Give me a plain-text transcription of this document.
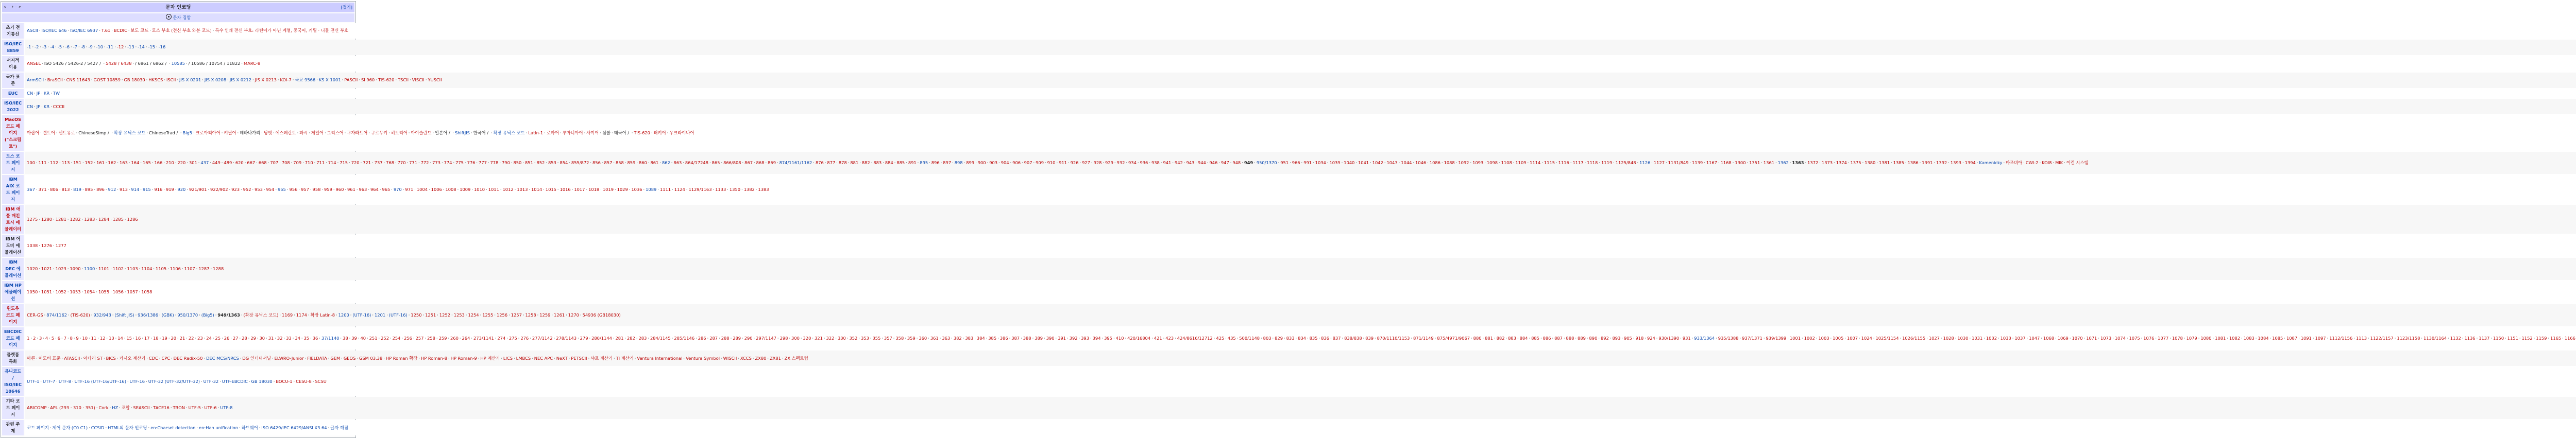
v · t · e	문자 인코딩	[접기]
문자 집합
초기 전기통신	ASCII · ISO/IEC 646 · ISO/IEC 6937 · T.61 · BCDIC · 보도 코드 · 모스 부호 (전신 부호 와분 코드) · 특수 인쇄 전신 부호: 라틴어가 아닌 계열, 중국어, 키릴 · 니들 전신 부호
ISO/IEC 8859	-1 · -2 · -3 · -4 · -5 · -6 · -7 · -8 · -9 · -10 · -11 · -12 · -13 · -14 · -15 · -16
서지적 이용	ANSEL · ISO 5426 / 5426-2 / 5427 / · 5428 / 6438 · / 6861 / 6862 / · 10585 · / 10586 / 10754 / 11822 · MARC-8
국가 표준	ArmSCII · BraSCII · CNS 11643 · GOST 10859 · GB 18030 · HKSCS · ISCII · JIS X 0201 · JIS X 0208 · JIS X 0212 · JIS X 0213 · KOI-7 · 국교 9566 · KS X 1001 · PASCII · SI 960 · TIS-620 · TSCII · VISCII · YUSCII
EUC	CN · JP · KR · TW
ISO/IEC 2022	CN · JP · KR · CCCII
MacOS 코드 페이지 ("스크립트")	아랍어 · 켈트어 · 센트유로 · ChineseSimp / · 확장 유닉스 코드 · ChineseTrad / · Big5 · 크로아티아어 · 키릴어 · 데바나가리 · 딩뱃 · 에스페란토 · 파시 · 게일어 · 그리스어 · 구자라트어 · 구르무키 · 히브리어 · 아이슬란드 · 일본어 / · ShiftJIS · 한국어 / · 확장 유닉스 코드 · Latin-1 · 로마어 · 루마니아어 · 사미어 · 심볼 · 태국어 / · TIS-620 · 터키어 · 우크라이나어
도스 코드 페이지	100 · 111 · 112 · 113 · 151 · 152 · 161 · 162 · 163 · 164 · 165 · 166 · 210 · 220 · 301 · 437 · 449 · 489 · 620 · 667 · 668 · 707 · 708 · 709 · 710 · 711 · 714 · 715 · 720 · 721 · 737 · 768 · 770 · 771 · 772 · 773 · 774 · 775 · 776 · 777 · 778 · 790 · 850 · 851 · 852 · 853 · 854 · 855/872 · 856 · 857 · 858 · 859 · 860 · 861 · 862 · 863 · 864/17248 · 865 · 866/808 · 867 · 868 · 869 · 874/1161/1162 · 876 · 877 · 878 · 881 · 882 · 883 · 884 · 885 · 891 · 895 · 896 · 897 · 898 · 899 · 900 · 903 · 904 · 906 · 907 · 909 · 910 · 911 · 926 · 927 · 928 · 929 · 932 · 934 · 936 · 938 · 941 · 942 · 943 · 944 · 946 · 947 · 948 · 949 · 950/1370 · 951 · 966 · 991 · 1034 · 1039 · 1040 · 1041 · 1042 · 1043 · 1044 · 1046 · 1086 · 1088 · 1092 · 1093 · 1098 · 1108 · 1109 · 1114 · 1115 · 1116 · 1117 · 1118 · 1119 · 1125/848 · 1126 · 1127 · 1131/849 · 1139 · 1167 · 1168 · 1300 · 1351 · 1361 · 1362 · 1363 · 1372 · 1373 · 1374 · 1375 · 1380 · 1381 · 1385 · 1386 · 1391 · 1392 · 1393 · 1394 · Kamenicky · 마조비아 · CWI-2 · KOI8 · MIK · 이런 시스템
IBM AIX 코드 페이지	367 · 371 · 806 · 813 · 819 · 895 · 896 · 912 · 913 · 914 · 915 · 916 · 919 · 920 · 921/901 · 922/902 · 923 · 952 · 953 · 954 · 955 · 956 · 957 · 958 · 959 · 960 · 961 · 963 · 964 · 965 · 970 · 971 · 1004 · 1006 · 1008 · 1009 · 1010 · 1011 · 1012 · 1013 · 1014 · 1015 · 1016 · 1017 · 1018 · 1019 · 1029 · 1036 · 1089 · 1111 · 1124 · 1129/1163 · 1133 · 1350 · 1382 · 1383
IBM 애플 매킨토시 에뮬레이터	1275 · 1280 · 1281 · 1282 · 1283 · 1284 · 1285 · 1286
IBM 어도비 에뮬레이션	1038 · 1276 · 1277
IBM DEC 에뮬레이션	1020 · 1021 · 1023 · 1090 · 1100 · 1101 · 1102 · 1103 · 1104 · 1105 · 1106 · 1107 · 1287 · 1288
IBM HP 에뮬레이션	1050 · 1051 · 1052 · 1053 · 1054 · 1055 · 1056 · 1057 · 1058
윈도우 코드 페이지	CER-GS · 874/1162 · (TIS-620) · 932/943 · (Shift JIS) · 936/1386 · (GBK) · 950/1370 · (Big5) · 949/1363 · (확장 유닉스 코드) · 1169 · 1174 · 확장 Latin-8 · 1200 · (UTF-16) · 1201 · (UTF-16) · 1250 · 1251 · 1252 · 1253 · 1254 · 1255 · 1256 · 1257 · 1258 · 1259 · 1261 · 1270 · 54936 (GB18030)
EBCDIC 코드 페이지	1 · 2 · 3 · 4 · 5 · 6 · 7 · 8 · 9 · 10 · 11 · 12 · 13 · 14 · 15 · 16 · 17 · 18 · 19 · 20 · 21 · 22 · 23 · 24 · 25 · 26 · 27 · 28 · 29 · 30 · 31 · 32 · 33 · 34 · 35 · 36 · 37/1140 · 38 · 39 · 40 · 251 · 252 · 254 · 256 · 257 · 258 · 259 · 260 · 264 · 273/1141 · 274 · 275 · 276 · 277/1142 · 278/1143 · 279 · 280/1144 · 281 · 282 · 283 · 284/1145 · 285/1146 · 286 · 287 · 288 · 289 · 290 · 297/1147 · 298 · 300 · 320 · 321 · 322 · 330 · 352 · 353 · 355 · 357 · 358 · 359 · 360 · 361 · 363 · 382 · 383 · 384 · 385 · 386 · 387 · 388 · 389 · 390 · 391 · 392 · 393 · 394 · 395 · 410 · 420/16804 · 421 · 423 · 424/8616/12712 · 425 · 435 · 500/1148 · 803 · 829 · 833 · 834 · 835 · 836 · 837 · 838/838 · 839 · 870/1110/1153 · 871/1149 · 875/4971/9067 · 880 · 881 · 882 · 883 · 884 · 885 · 886 · 887 · 888 · 889 · 890 · 892 · 893 · 905 · 918 · 924 · 930/1390 · 931 · 933/1364 · 935/1388 · 937/1371 · 939/1399 · 1001 · 1002 · 1003 · 1005 · 1007 · 1024 · 1025/1154 · 1026/1155 · 1027 · 1028 · 1030 · 1031 · 1032 · 1033 · 1037 · 1047 · 1068 · 1069 · 1070 · 1071 · 1073 · 1074 · 1075 · 1076 · 1077 · 1078 · 1079 · 1080 · 1081 · 1082 · 1083 · 1084 · 1085 · 1087 · 1091 · 1097 · 1112/1156 · 1113 · 1122/1157 · 1123/1158 · 1130/1164 · 1132 · 1136 · 1137 · 1150 · 1151 · 1152 · 1159 · 1165 · 1166
플랫폼 특화	아콘 · 어도비 표준 · ATASCII · 아타리 ST · BICS · 카시오 계산기 · CDC · CPC · DEC Radix-50 · DEC MCS/NRCS · DG 인터내셔널 · ELWRO-Junior · FIELDATA · GEM · GEOS · GSM 03.38 · HP Roman 확장 · HP Roman-8 · HP Roman-9 · HP 계산기 · LICS · LMBCS · NEC APC · NeXT · PETSCII · 샤프 계산기 · TI 계산기 · Ventura International · Ventura Symbol · WISCII · XCCS · ZX80 · ZX81 · ZX 스펙트럼
유니코드 / ISO/IEC 10646	UTF-1 · UTF-7 · UTF-8 · UTF-16 (UTF-16/UTF-16) · UTF-16 · UTF-32 (UTF-32/UTF-32) · UTF-32 · UTF-EBCDIC · GB 18030 · BOCU-1 · CESU-8 · SCSU
기타 코드 페이지	ABICOMP · APL (293 · 310 · 351) · Cork · HZ · 조합 · SEASCII · TACE16 · TRON · UTF-5 · UTF-6 · UTF-8
관련 주제	코드 페이지 · 제어 문자 (C0 C1) · CCSID · HTML의 문자 인코딩 · en:Charset detection · en:Han unification · 하드웨어 · ISO 6429/IEC 6429/ANSI X3.64 · 글자 깨짐
